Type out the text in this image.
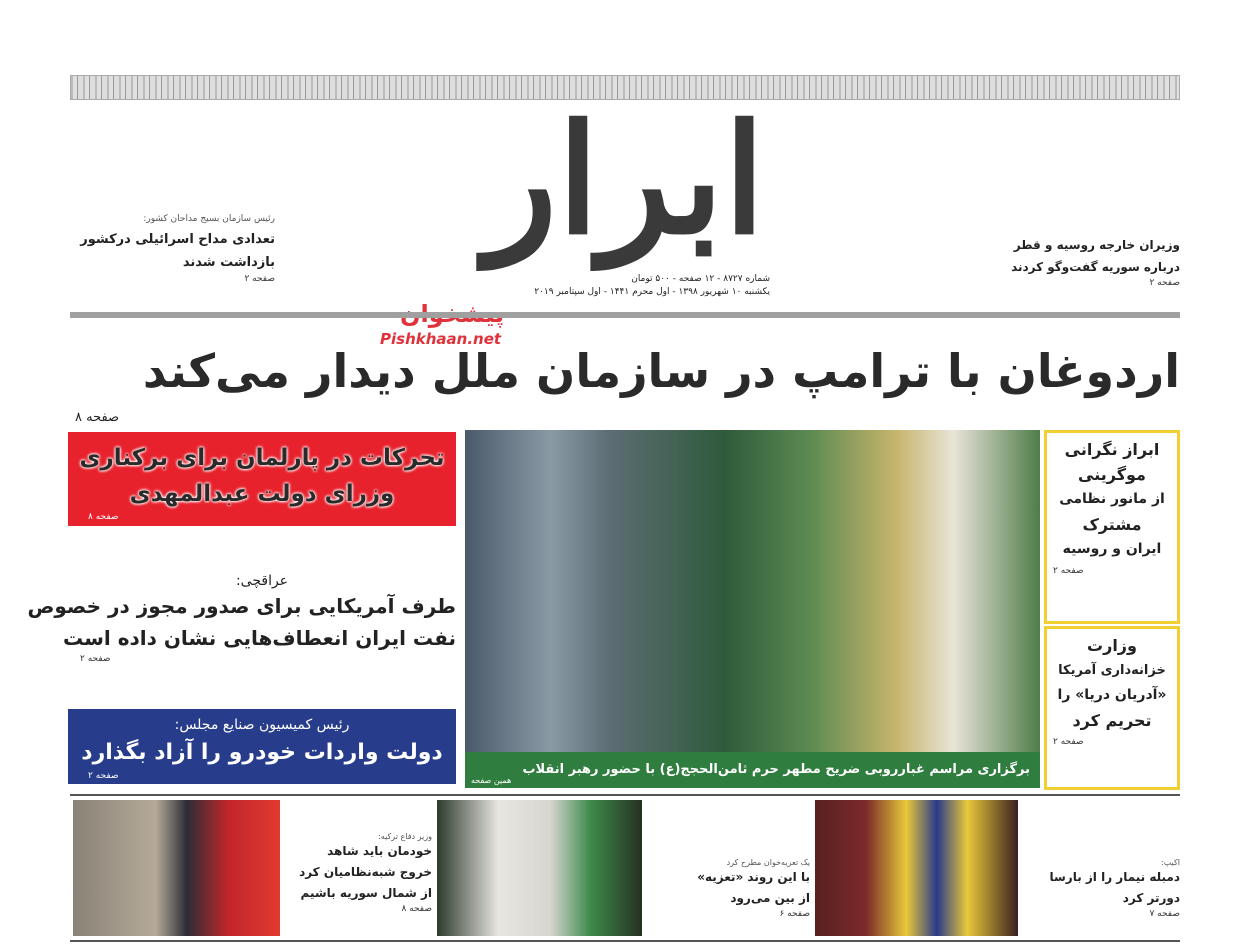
ابرار
شماره ۸۷۲۷ - ۱۲ صفحه - ۵۰۰ تومان
یکشنبه ۱۰ شهریور ۱۳۹۸ - اول محرم ۱۴۴۱ - اول سپتامبر ۲۰۱۹
Pishkhaan.net
رئیس سازمان بسیج مداحان کشور:
تعدادی مداح اسرائیلی درکشور
بازداشت شدند
صفحه ۲
وزیران خارجه روسیه و قطر
درباره سوریه گفت‌وگو کردند
صفحه ۲
اردوغان با ترامپ در سازمان ملل دیدار می‌کند
صفحه ۸
تحرکات در پارلمان برای برکناری
وزرای دولت عبدالمهدی
صفحه ۸
عراقچی:
طرف آمریکایی برای صدور مجوز در خصوص
نفت ایران انعطاف‌هایی نشان داده است
صفحه ۲
رئیس کمیسیون صنایع مجلس:
دولت واردات خودرو را آزاد بگذارد
صفحه ۲	برگزاری مراسم غبارروبی ضریح مطهر حرم ثامن‌الحجج(ع) با حضور رهبر انقلاب
همین صفحه
ابراز نگرانی
موگرینی
از مانور نظامی
مشترک
ایران و روسیه
صفحه ۲
وزارت
خزانه‌داری آمریکا
«آدریان دریا» را
تحریم کرد
صفحه ۲
وزیر دفاع ترکیه:
خودمان باید شاهد
خروج شبه‌نظامیان کرد
از شمال سوریه باشیم
صفحه ۸
یک تعزیه‌خوان مطرح کرد
با این روند «تعزیه»
از بین می‌رود
صفحه ۶
اکیپ:
دمبله نیمار را از بارسا
دورتر کرد
صفحه ۷
